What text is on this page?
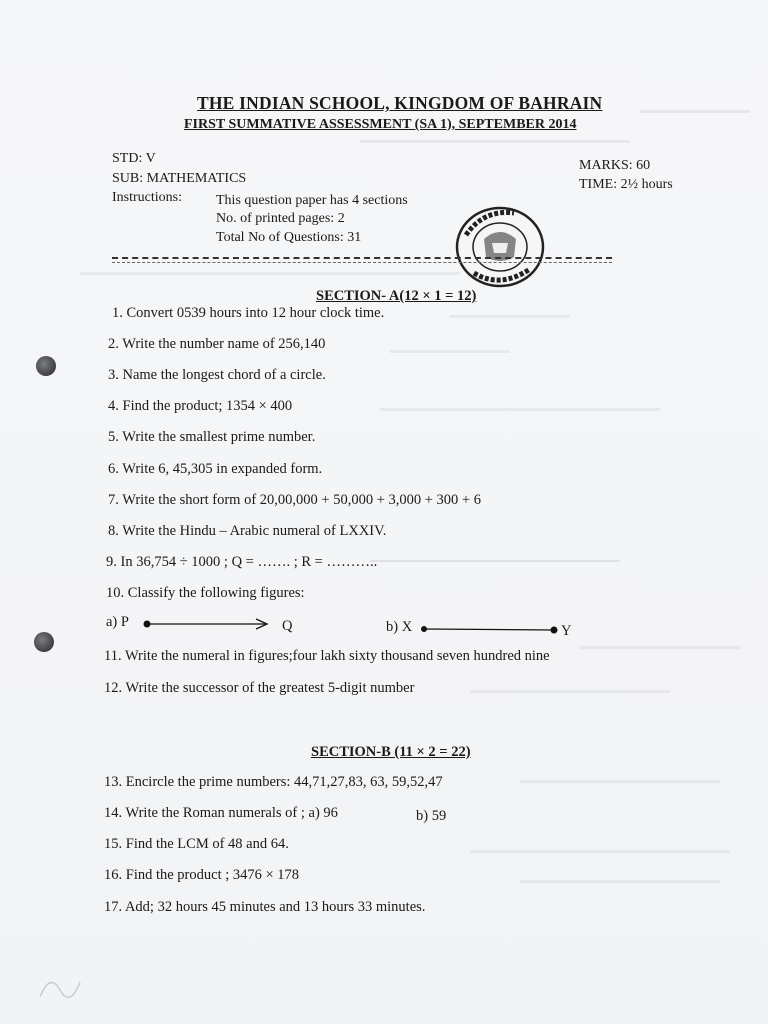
THE INDIAN SCHOOL, KINGDOM OF BAHRAIN
FIRST SUMMATIVE ASSESSMENT (SA 1), SEPTEMBER 2014
STD: V
SUB: MATHEMATICS
MARKS: 60
TIME: 2½ hours
Instructions: This question paper has 4 sections
No. of printed pages: 2
Total No of Questions: 31
SECTION- A(12 × 1 = 12)
1. Convert 0539 hours into 12 hour clock time.
2. Write the number name of 256,140
3. Name the longest chord of a circle.
4. Find the product; 1354 × 400
5. Write the smallest prime number.
6. Write 6, 45,305 in expanded form.
7. Write the short form of 20,00,000 + 50,000 + 3,000 + 300 + 6
8. Write the Hindu – Arabic numeral of LXXIV.
9. In 36,754 ÷ 1000 ; Q = ……. ; R = ………..
10. Classify the following figures:
a) P	Q	b) X	Y
11. Write the numeral in figures;four lakh sixty thousand seven hundred nine
12. Write the successor of the greatest 5-digit number
SECTION-B (11 × 2 = 22)
13. Encircle the prime numbers: 44,71,27,83, 63, 59,52,47
14. Write the Roman numerals of ; a) 96	b) 59
15. Find the LCM of 48 and 64.
16. Find the product ; 3476 × 178
17. Add; 32 hours 45 minutes and 13 hours 33 minutes.
